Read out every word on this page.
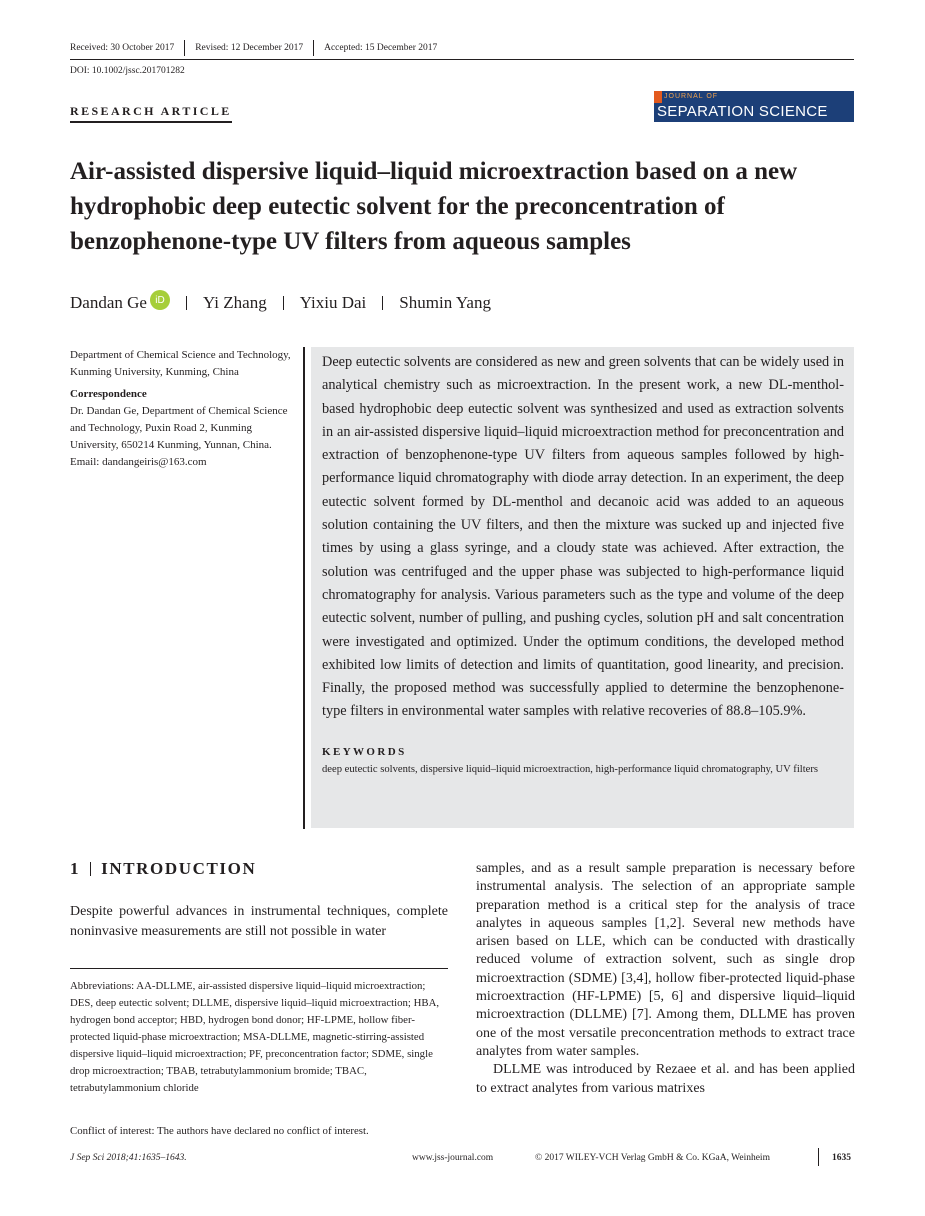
Received: 30 October 2017 Revised: 12 December 2017 Accepted: 15 December 2017
DOI: 10.1002/jssc.201701282
RESEARCH ARTICLE
JOURNAL OF
SEPARATION SCIENCE
Air-assisted dispersive liquid–liquid microextraction based on a new hydrophobic deep eutectic solvent for the preconcentration of benzophenone-type UV filters from aqueous samples
Dandan Ge iD	Yi Zhang Yixiu Dai Shumin Yang
Department of Chemical Science and Technology, Kunming University, Kunming, China
Correspondence
Dr. Dandan Ge, Department of Chemical Science and Technology, Puxin Road 2, Kunming University, 650214 Kunming, Yunnan, China.
Email: dandangeiris@163.com

Deep eutectic solvents are considered as new and green solvents that can be widely used in analytical chemistry such as microextraction. In the present work, a new DL-menthol-based hydrophobic deep eutectic solvent was synthesized and used as extraction solvents in an air-assisted dispersive liquid–liquid microextraction method for preconcentration and extraction of benzophenone-type UV filters from aqueous samples followed by high-performance liquid chromatography with diode array detection. In an experiment, the deep eutectic solvent formed by DL-menthol and decanoic acid was added to an aqueous solution containing the UV filters, and then the mixture was sucked up and injected five times by using a glass syringe, and a cloudy state was achieved. After extraction, the solution was centrifuged and the upper phase was subjected to high-performance liquid chromatography for analysis. Various parameters such as the type and volume of the deep eutectic solvent, number of pulling, and pushing cycles, solution pH and salt concentration were investigated and optimized. Under the optimum conditions, the developed method exhibited low limits of detection and limits of quantitation, good linearity, and precision. Finally, the proposed method was successfully applied to determine the benzophenone-type filters in environmental water samples with relative recoveries of 88.8–105.9%.

KEYWORDS
deep eutectic solvents, dispersive liquid–liquid microextraction, high-performance liquid chromatography, UV filters
1 INTRODUCTION

Despite powerful advances in instrumental techniques, complete noninvasive measurements are still not possible in water

Abbreviations: AA-DLLME, air-assisted dispersive liquid–liquid microextraction; DES, deep eutectic solvent; DLLME, dispersive liquid–liquid microextraction; HBA, hydrogen bond acceptor; HBD, hydrogen bond donor; HF-LPME, hollow fiber-protected liquid-phase microextraction; MSA-DLLME, magnetic-stirring-assisted dispersive liquid–liquid microextraction; PF, preconcentration factor; SDME, single drop microextraction; TBAB, tetrabutylammonium bromide; TBAC, tetrabutylammonium chloride

Conflict of interest: The authors have declared no conflict of interest.

samples, and as a result sample preparation is necessary before instrumental analysis. The selection of an appropriate sample preparation method is a critical step for the analysis of trace analytes in aqueous samples [1,2]. Several new methods have arisen based on LLE, which can be conducted with drastically reduced volume of extraction solvent, such as single drop microextraction (SDME) [3,4], hollow fiber-protected liquid-phase microextraction (HF-LPME) [5, 6] and dispersive liquid–liquid microextraction (DLLME) [7]. Among them, DLLME has proven one of the most versatile preconcentration methods to extract trace analytes from water samples.

DLLME was introduced by Rezaee et al. and has been applied to extract analytes from various matrixes

J Sep Sci 2018;41:1635–1643.	www.jss-journal.com	© 2017 WILEY-VCH Verlag GmbH & Co. KGaA, Weinheim	1635
